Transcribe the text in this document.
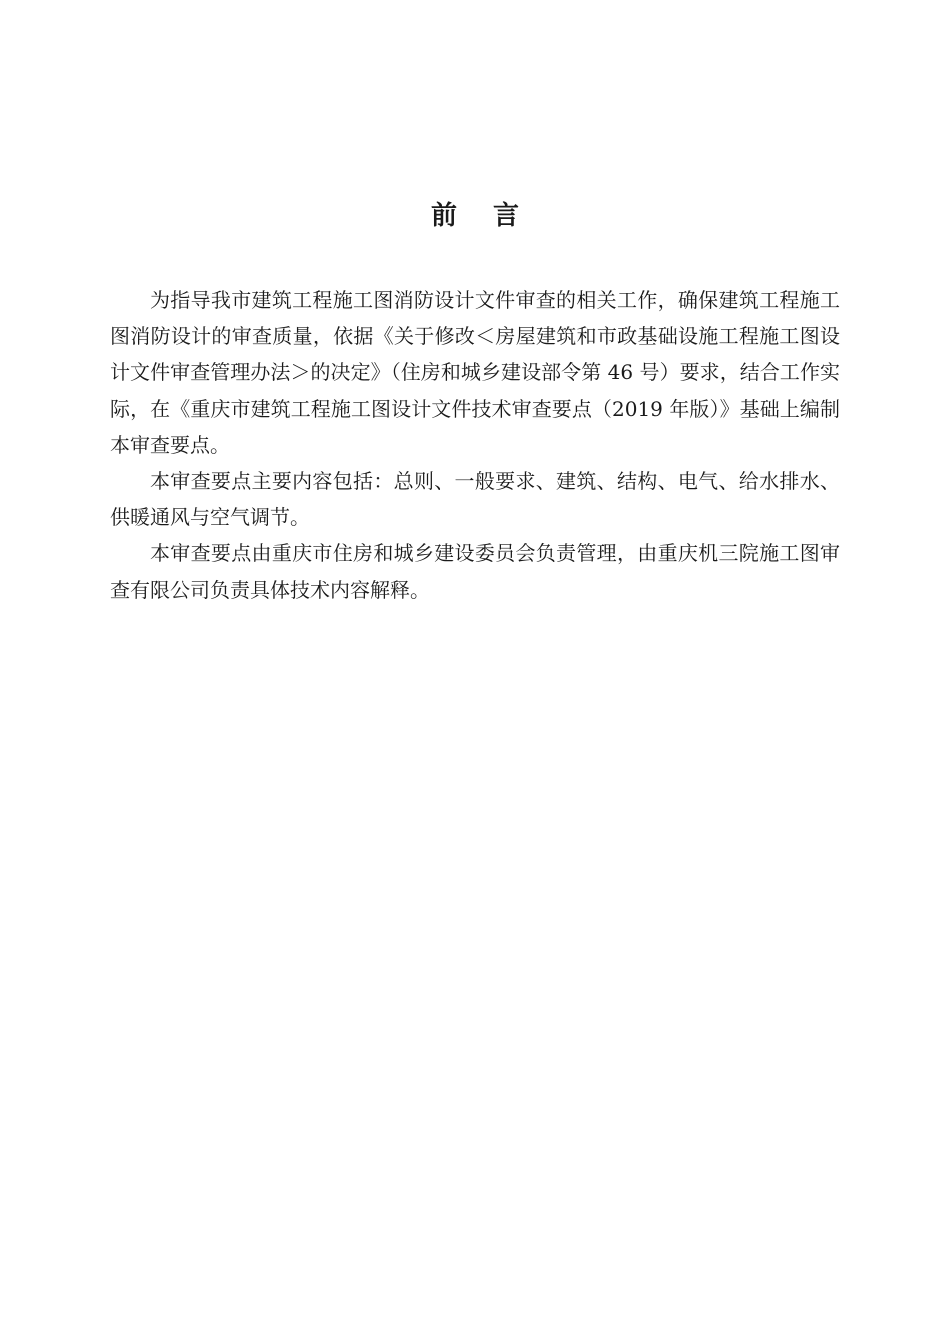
前言

为指导我市建筑工程施工图消防设计文件审查的相关工作，确保建筑工程施工图消防设计的审查质量，依据《关于修改＜房屋建筑和市政基础设施工程施工图设计文件审查管理办法＞的决定》（住房和城乡建设部令第 46 号）要求，结合工作实际，在《重庆市建筑工程施工图设计文件技术审查要点（2019 年版）》基础上编制本审查要点。

本审查要点主要内容包括：总则、一般要求、建筑、结构、电气、给水排水、供暖通风与空气调节。

本审查要点由重庆市住房和城乡建设委员会负责管理，由重庆机三院施工图审查有限公司负责具体技术内容解释。
